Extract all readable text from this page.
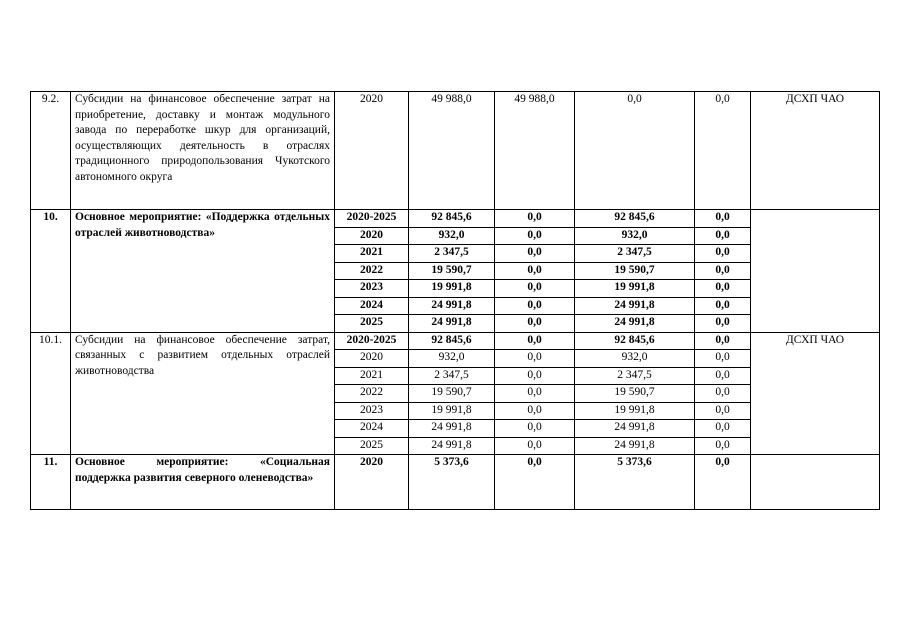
9.2.	Субсидии на финансовое обеспечение затрат на приобретение, доставку и монтаж модульного завода по переработке шкур для организаций, осуществляющих деятельность в отраслях традиционного природопользования Чукотского автономного округа	2020	49 988,0	49 988,0	0,0	0,0	ДСХП ЧАО
10.	Основное мероприятие: «Поддержка отдельных отраслей животноводства»	2020-2025	92 845,6	0,0	92 845,6	0,0	
		2020	932,0	0,0	932,0	0,0	
		2021	2 347,5	0,0	2 347,5	0,0	
		2022	19 590,7	0,0	19 590,7	0,0	
		2023	19 991,8	0,0	19 991,8	0,0	
		2024	24 991,8	0,0	24 991,8	0,0	
		2025	24 991,8	0,0	24 991,8	0,0	
10.1.	Субсидии на финансовое обеспечение затрат, связанных с развитием отдельных отраслей животноводства	2020-2025	92 845,6	0,0	92 845,6	0,0	ДСХП ЧАО
		2020	932,0	0,0	932,0	0,0	
		2021	2 347,5	0,0	2 347,5	0,0	
		2022	19 590,7	0,0	19 590,7	0,0	
		2023	19 991,8	0,0	19 991,8	0,0	
		2024	24 991,8	0,0	24 991,8	0,0	
		2025	24 991,8	0,0	24 991,8	0,0	
11.	Основное мероприятие: «Социальная поддержка развития северного оленеводства»	2020	5 373,6	0,0	5 373,6	0,0	
